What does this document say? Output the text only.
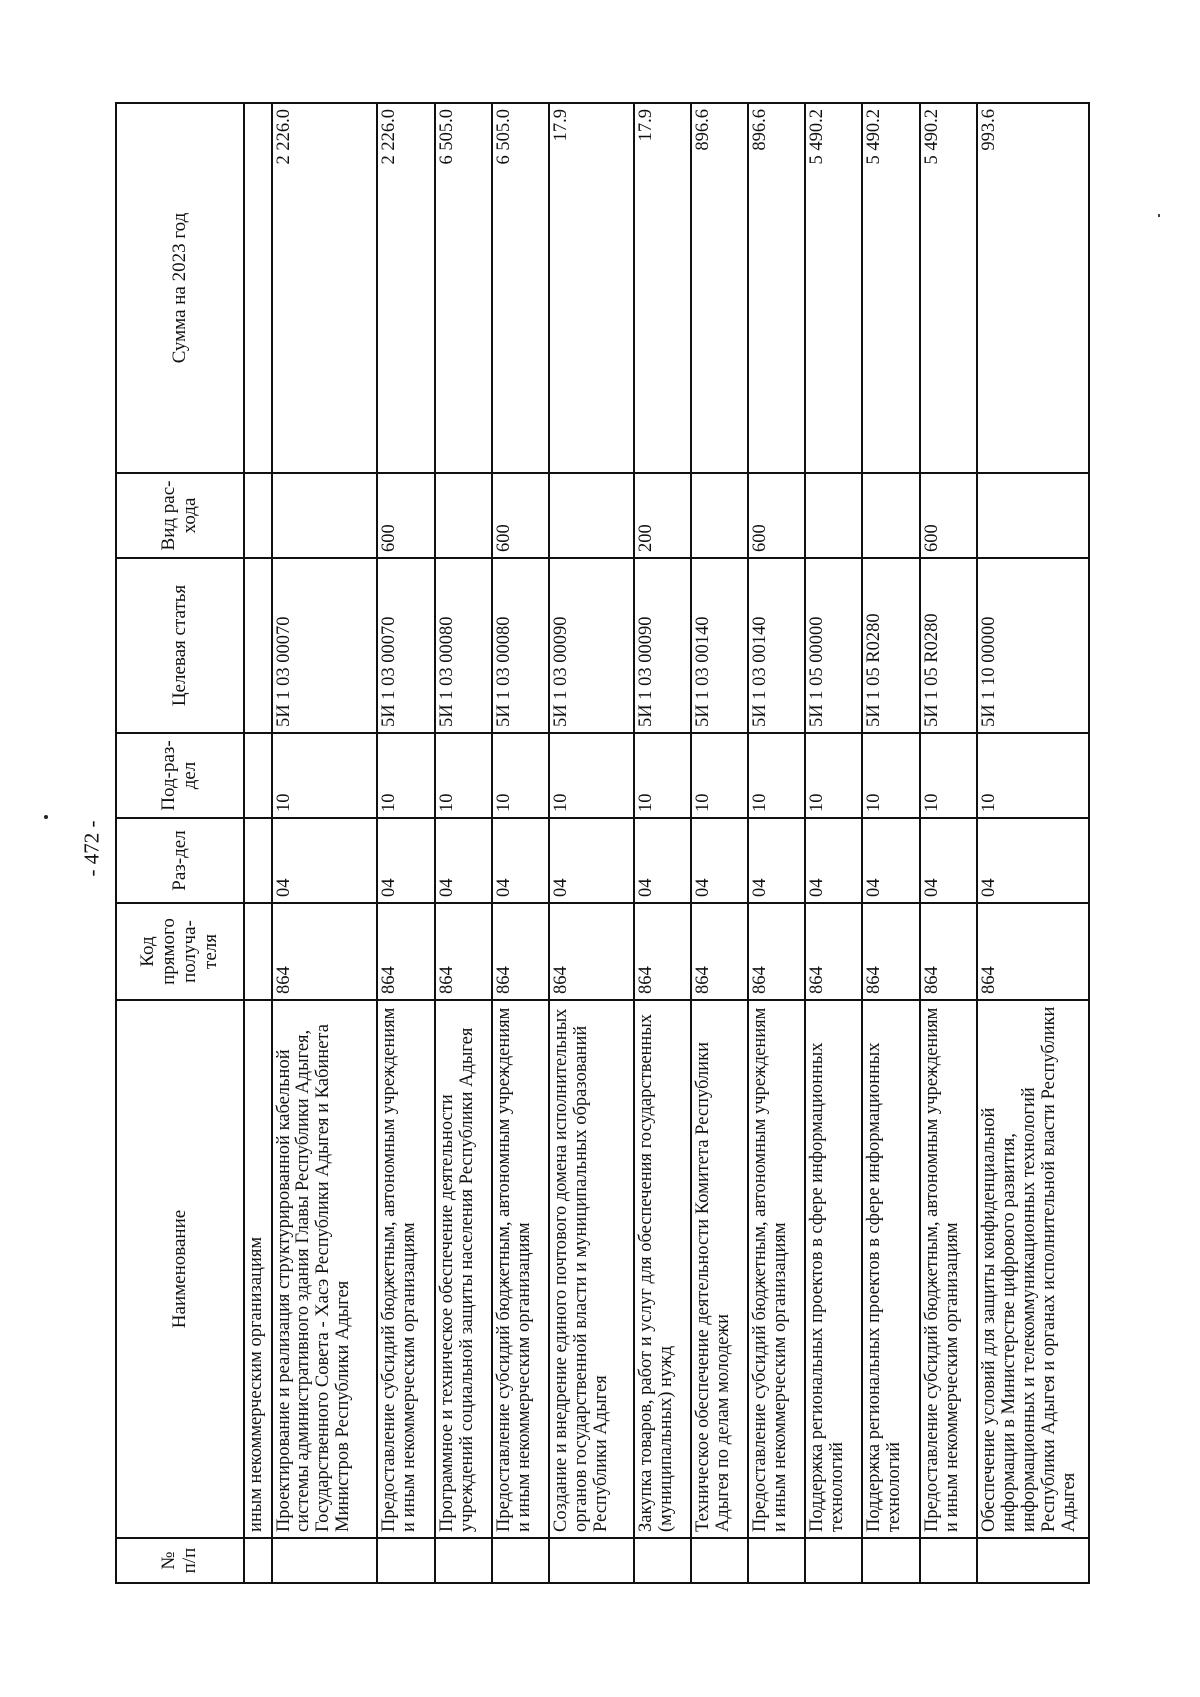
- 472 -
№ п/п	Наименование	Код прямого получа-теля	Раз-дел	Под-раз-дел	Целевая статья	Вид рас-хода	Сумма на 2023 год
	иным некоммерческим организациям						
	Проектирование и реализация структурированной кабельной системы административного здания Главы Республики Адыгея, Государственного Совета - Хасэ Республики Адыгея и Кабинета Министров Республики Адыгея	864	04	10	5И 1 03 00070		2 226.0
	Предоставление субсидий бюджетным, автономным учреждениям и иным некоммерческим организациям	864	04	10	5И 1 03 00070	600	2 226.0
	Программное и техническое обеспечение деятельности учреждений социальной защиты населения Республики Адыгея	864	04	10	5И 1 03 00080		6 505.0
	Предоставление субсидий бюджетным, автономным учреждениям и иным некоммерческим организациям	864	04	10	5И 1 03 00080	600	6 505.0
	Создание и внедрение единого почтового домена исполнительных органов государственной власти и муниципальных образований Республики Адыгея	864	04	10	5И 1 03 00090		17.9
	Закупка товаров, работ и услуг для обеспечения государственных (муниципальных) нужд	864	04	10	5И 1 03 00090	200	17.9
	Техническое обеспечение деятельности Комитета Республики Адыгея по делам молодежи	864	04	10	5И 1 03 00140		896.6
	Предоставление субсидий бюджетным, автономным учреждениям и иным некоммерческим организациям	864	04	10	5И 1 03 00140	600	896.6
	Поддержка региональных проектов в сфере информационных технологий	864	04	10	5И 1 05 00000		5 490.2
	Поддержка региональных проектов в сфере информационных технологий	864	04	10	5И 1 05 R0280		5 490.2
	Предоставление субсидий бюджетным, автономным учреждениям и иным некоммерческим организациям	864	04	10	5И 1 05 R0280	600	5 490.2
	Обеспечение условий для защиты конфиденциальной информации в Министерстве цифрового развития, информационных и телекоммуникационных технологий Республики Адыгея и органах исполнительной власти Республики Адыгея	864	04	10	5И 1 10 00000		993.6
